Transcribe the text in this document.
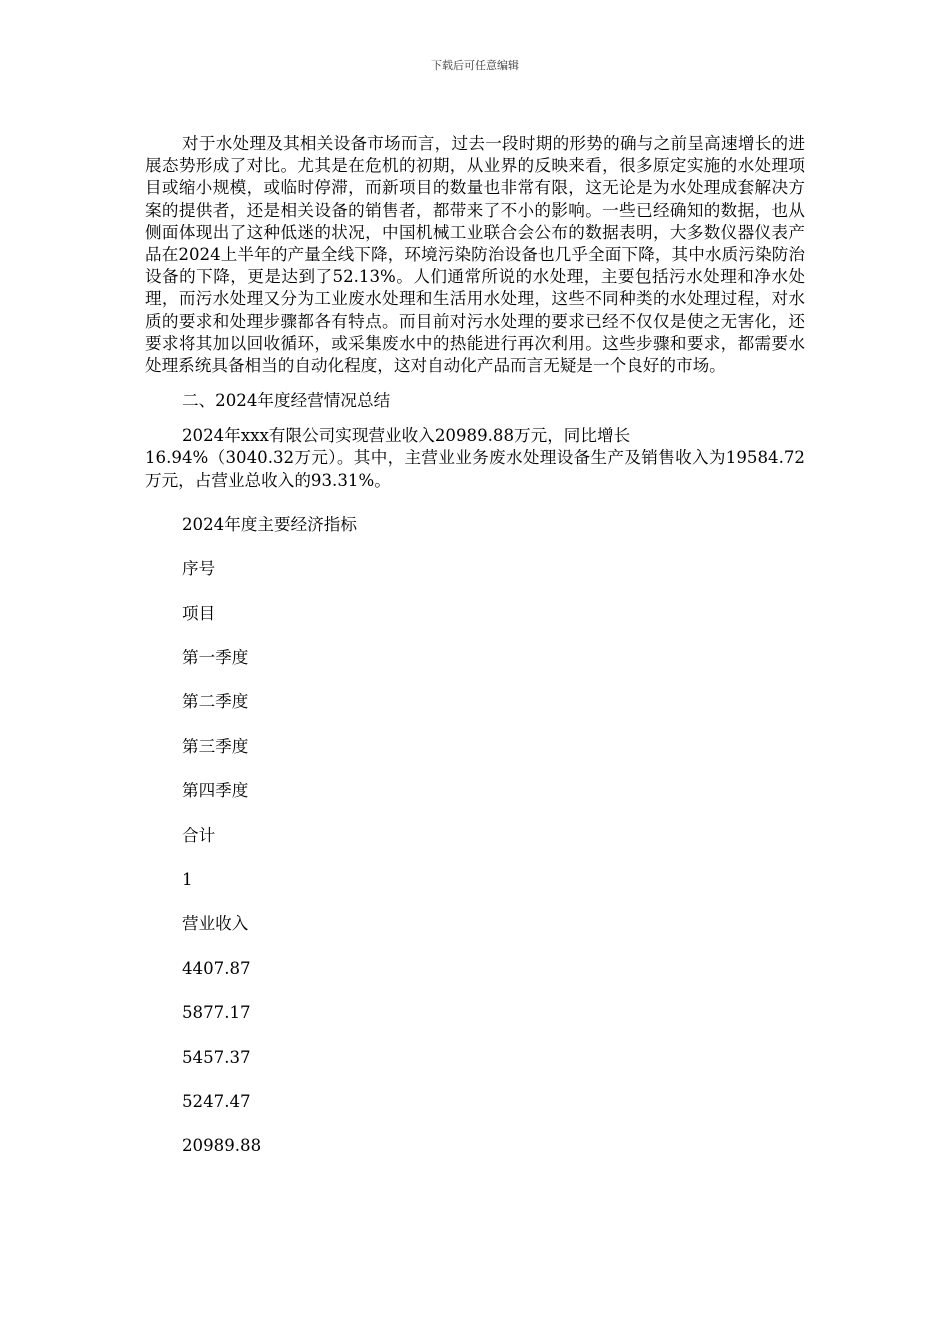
下载后可任意编辑

对于水处理及其相关设备市场而言，过去一段时期的形势的确与之前呈高速增长的进展态势形成了对比。尤其是在危机的初期，从业界的反映来看，很多原定实施的水处理项目或缩小规模，或临时停滞，而新项目的数量也非常有限，这无论是为水处理成套解决方案的提供者，还是相关设备的销售者，都带来了不小的影响。一些已经确知的数据，也从侧面体现出了这种低迷的状况，中国机械工业联合会公布的数据表明，大多数仪器仪表产品在2024上半年的产量全线下降，环境污染防治设备也几乎全面下降，其中水质污染防治设备的下降，更是达到了52.13%。人们通常所说的水处理，主要包括污水处理和净水处理，而污水处理又分为工业废水处理和生活用水处理，这些不同种类的水处理过程，对水质的要求和处理步骤都各有特点。而目前对污水处理的要求已经不仅仅是使之无害化，还要求将其加以回收循环，或采集废水中的热能进行再次利用。这些步骤和要求，都需要水处理系统具备相当的自动化程度，这对自动化产品而言无疑是一个良好的市场。

二、2024年度经营情况总结

2024年xxx有限公司实现营业收入20989.88万元，同比增长

16.94%（3040.32万元）。其中，主营业业务废水处理设备生产及销售收入为19584.72万元，占营业总收入的93.31%。

2024年度主要经济指标
序号
项目
第一季度
第二季度
第三季度
第四季度
合计
1
营业收入
4407.87
5877.17
5457.37
5247.47
20989.88
